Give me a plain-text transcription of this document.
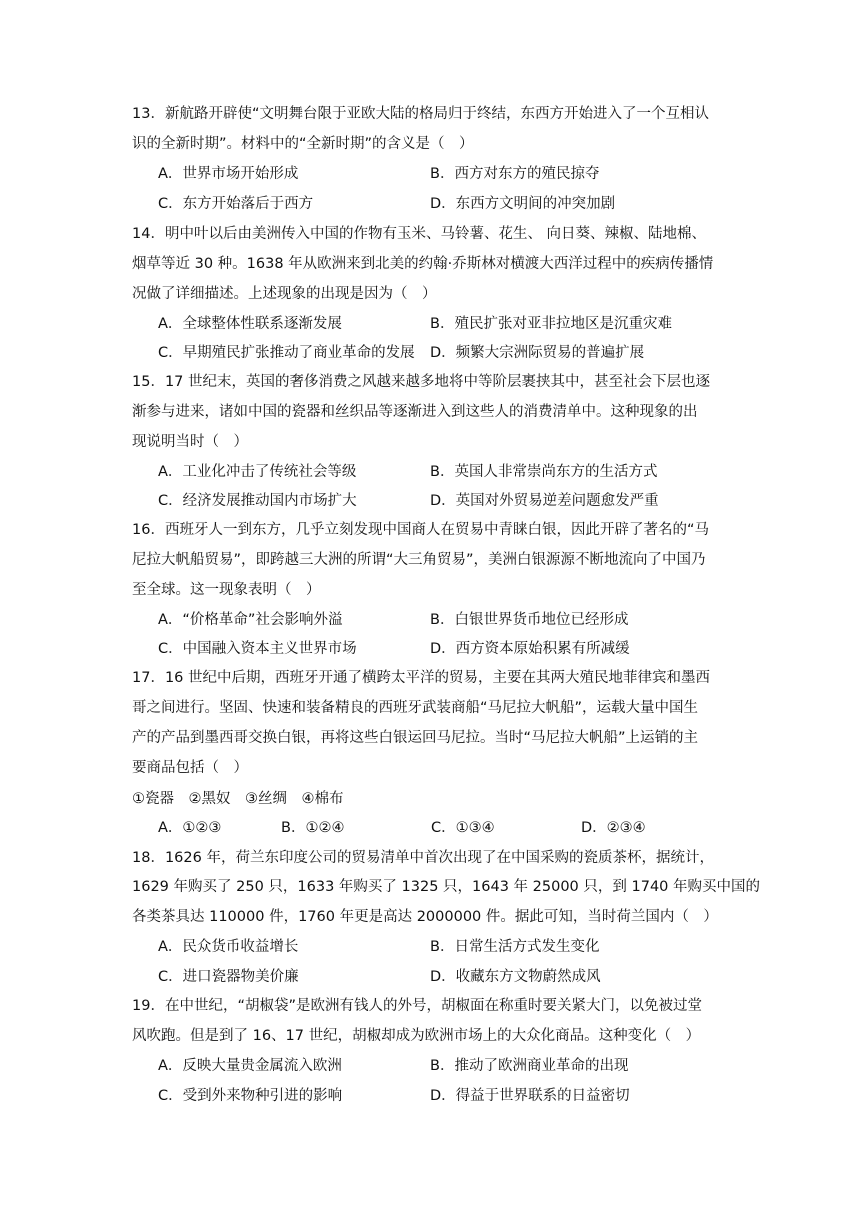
13．新航路开辟使“文明舞台限于亚欧大陆的格局归于终结，东西方开始进入了一个互相认
识的全新时期”。材料中的“全新时期”的含义是（　）
A．世界市场开始形成	B．西方对东方的殖民掠夺
C．东方开始落后于西方	D．东西方文明间的冲突加剧
14．明中叶以后由美洲传入中国的作物有玉米、马铃薯、花生、 向日葵、辣椒、陆地棉、
烟草等近 30 种。1638 年从欧洲来到北美的约翰·乔斯林对横渡大西洋过程中的疾病传播情
况做了详细描述。上述现象的出现是因为（　）
A．全球整体性联系逐渐发展	B．殖民扩张对亚非拉地区是沉重灾难
C．早期殖民扩张推动了商业革命的发展 D．频繁大宗洲际贸易的普遍扩展
15．17 世纪末，英国的奢侈消费之风越来越多地将中等阶层裹挟其中，甚至社会下层也逐
渐参与进来，诸如中国的瓷器和丝织品等逐渐进入到这些人的消费清单中。这种现象的出
现说明当时（　）
A．工业化冲击了传统社会等级	B．英国人非常崇尚东方的生活方式
C．经济发展推动国内市场扩大	D．英国对外贸易逆差问题愈发严重
16．西班牙人一到东方，几乎立刻发现中国商人在贸易中青睐白银，因此开辟了著名的“马
尼拉大帆船贸易”，即跨越三大洲的所谓“大三角贸易”，美洲白银源源不断地流向了中国乃
至全球。这一现象表明（　）
A．“价格革命”社会影响外溢	B．白银世界货币地位已经形成
C．中国融入资本主义世界市场	D．西方资本原始积累有所减缓
17．16 世纪中后期，西班牙开通了横跨太平洋的贸易，主要在其两大殖民地菲律宾和墨西
哥之间进行。坚固、快速和装备精良的西班牙武装商船“马尼拉大帆船”，运载大量中国生
产的产品到墨西哥交换白银，再将这些白银运回马尼拉。当时“马尼拉大帆船”上运销的主
要商品包括（　）
①瓷器　②黑奴　③丝绸　④棉布
A．①②③	B．①②④	C．①③④	D．②③④
18．1626 年，荷兰东印度公司的贸易清单中首次出现了在中国采购的瓷质茶杯，据统计，
1629 年购买了 250 只，1633 年购买了 1325 只，1643 年 25000 只，到 1740 年购买中国的
各类茶具达 110000 件，1760 年更是高达 2000000 件。据此可知，当时荷兰国内（　）
A．民众货币收益增长	B．日常生活方式发生变化
C．进口瓷器物美价廉	D．收藏东方文物蔚然成风
19．在中世纪，“胡椒袋”是欧洲有钱人的外号，胡椒面在称重时要关紧大门，以免被过堂
风吹跑。但是到了 16、17 世纪，胡椒却成为欧洲市场上的大众化商品。这种变化（　）
A．反映大量贵金属流入欧洲	B．推动了欧洲商业革命的出现
C．受到外来物种引进的影响	D．得益于世界联系的日益密切
